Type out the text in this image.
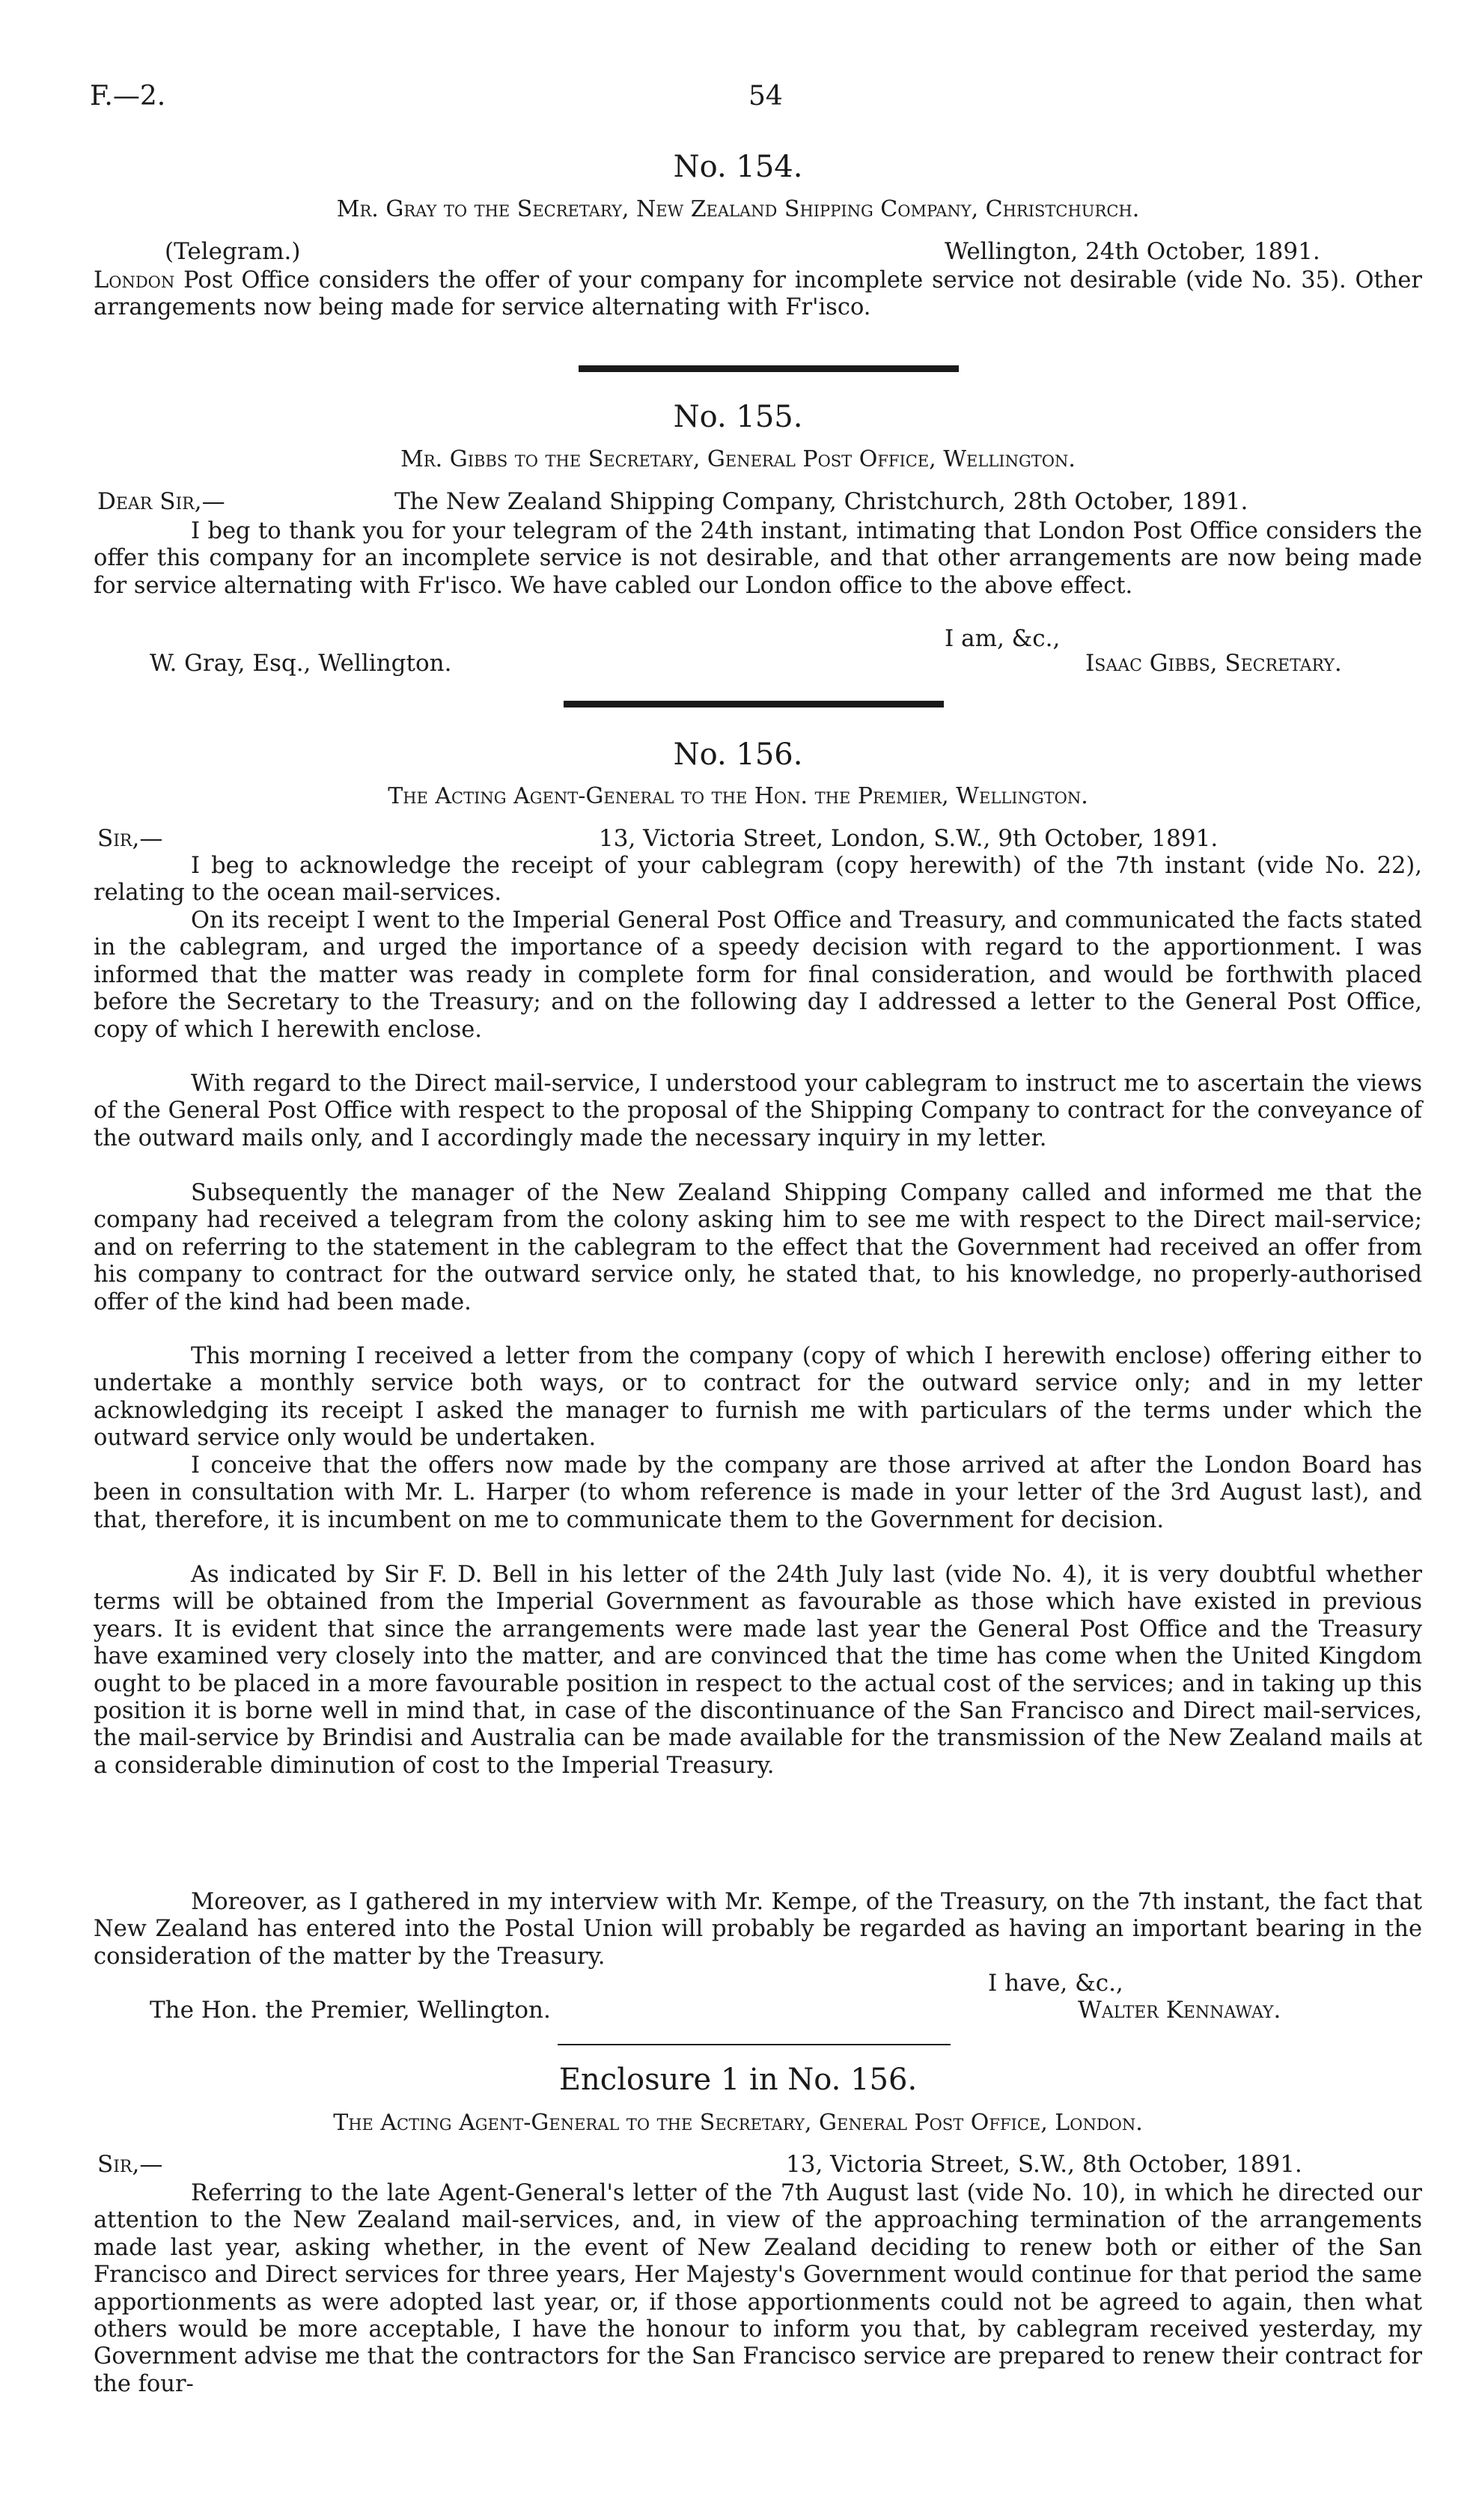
F.—2.	54
No. 154.
Mr. Gray to the Secretary, New Zealand Shipping Company, Christchurch.
(Telegram.)	Wellington, 24th October, 1891.
London Post Office considers the offer of your company for incomplete service not desirable (vide No. 35). Other arrangements now being made for service alternating with Fr'isco.
No. 155.
Mr. Gibbs to the Secretary, General Post Office, Wellington.
Dear Sir,—	The New Zealand Shipping Company, Christchurch, 28th October, 1891.
I beg to thank you for your telegram of the 24th instant, intimating that London Post Office considers the offer this company for an incomplete service is not desirable, and that other arrangements are now being made for service alternating with Fr'isco. We have cabled our London office to the above effect.
I am, &c.,
W. Gray, Esq., Wellington.	Isaac Gibbs, Secretary.
No. 156.
The Acting Agent-General to the Hon. the Premier, Wellington.
Sir,—	13, Victoria Street, London, S.W., 9th October, 1891.
I beg to acknowledge the receipt of your cablegram (copy herewith) of the 7th instant (vide No. 22), relating to the ocean mail-services.
On its receipt I went to the Imperial General Post Office and Treasury, and communicated the facts stated in the cablegram, and urged the importance of a speedy decision with regard to the apportionment. I was informed that the matter was ready in complete form for final consideration, and would be forthwith placed before the Secretary to the Treasury; and on the following day I addressed a letter to the General Post Office, copy of which I herewith enclose.
With regard to the Direct mail-service, I understood your cablegram to instruct me to ascertain the views of the General Post Office with respect to the proposal of the Shipping Company to contract for the conveyance of the outward mails only, and I accordingly made the necessary inquiry in my letter.
Subsequently the manager of the New Zealand Shipping Company called and informed me that the company had received a telegram from the colony asking him to see me with respect to the Direct mail-service; and on referring to the statement in the cablegram to the effect that the Government had received an offer from his company to contract for the outward service only, he stated that, to his knowledge, no properly-authorised offer of the kind had been made.
This morning I received a letter from the company (copy of which I herewith enclose) offering either to undertake a monthly service both ways, or to contract for the outward service only; and in my letter acknowledging its receipt I asked the manager to furnish me with particulars of the terms under which the outward service only would be undertaken.
I conceive that the offers now made by the company are those arrived at after the London Board has been in consultation with Mr. L. Harper (to whom reference is made in your letter of the 3rd August last), and that, therefore, it is incumbent on me to communicate them to the Government for decision.
As indicated by Sir F. D. Bell in his letter of the 24th July last (vide No. 4), it is very doubtful whether terms will be obtained from the Imperial Government as favourable as those which have existed in previous years. It is evident that since the arrangements were made last year the General Post Office and the Treasury have examined very closely into the matter, and are convinced that the time has come when the United Kingdom ought to be placed in a more favourable position in respect to the actual cost of the services; and in taking up this position it is borne well in mind that, in case of the discontinuance of the San Francisco and Direct mail-services, the mail-service by Brindisi and Australia can be made available for the transmission of the New Zealand mails at a considerable diminution of cost to the Imperial Treasury.
Moreover, as I gathered in my interview with Mr. Kempe, of the Treasury, on the 7th instant, the fact that New Zealand has entered into the Postal Union will probably be regarded as having an important bearing in the consideration of the matter by the Treasury.
I have, &c.,
The Hon. the Premier, Wellington.	Walter Kennaway.
Enclosure 1 in No. 156.
The Acting Agent-General to the Secretary, General Post Office, London.
Sir,—	13, Victoria Street, S.W., 8th October, 1891.
Referring to the late Agent-General's letter of the 7th August last (vide No. 10), in which he directed our attention to the New Zealand mail-services, and, in view of the approaching termination of the arrangements made last year, asking whether, in the event of New Zealand deciding to renew both or either of the San Francisco and Direct services for three years, Her Majesty's Government would continue for that period the same apportionments as were adopted last year, or, if those apportionments could not be agreed to again, then what others would be more acceptable, I have the honour to inform you that, by cablegram received yesterday, my Government advise me that the contractors for the San Francisco service are prepared to renew their contract for the four-
